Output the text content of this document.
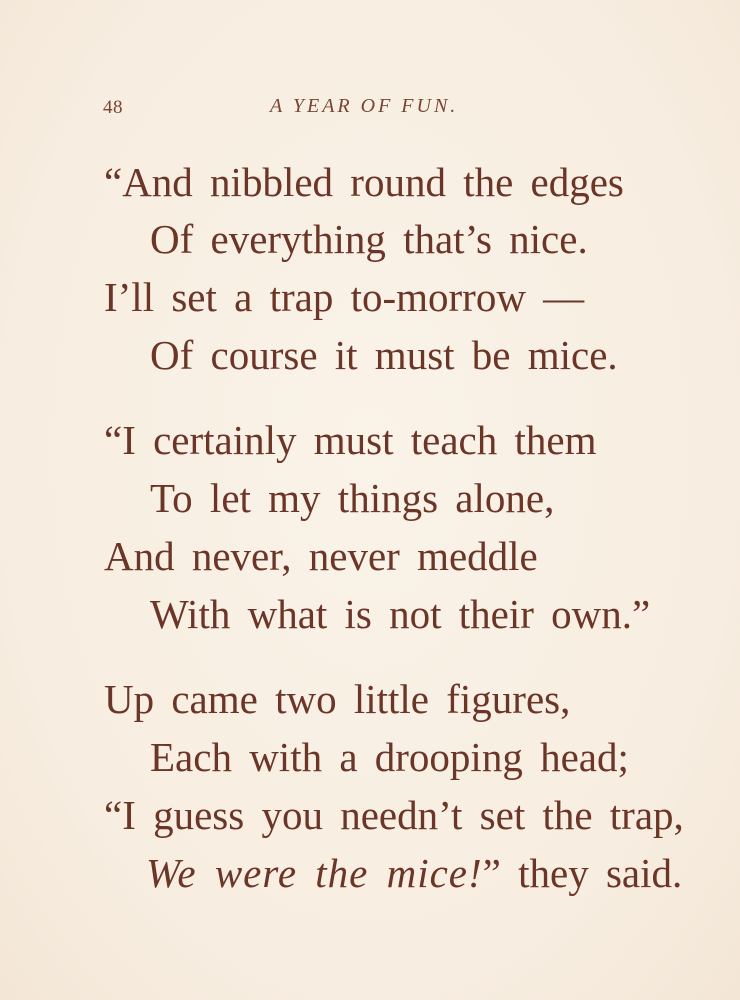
48	A YEAR OF FUN.
“And nibbled round the edges
Of everything that’s nice.
I’ll set a trap to-morrow —
Of course it must be mice.
“I certainly must teach them
To let my things alone,
And never, never meddle
With what is not their own.”
Up came two little figures,
Each with a drooping head;
“I guess you needn’t set the trap,
We were the mice!” they said.
